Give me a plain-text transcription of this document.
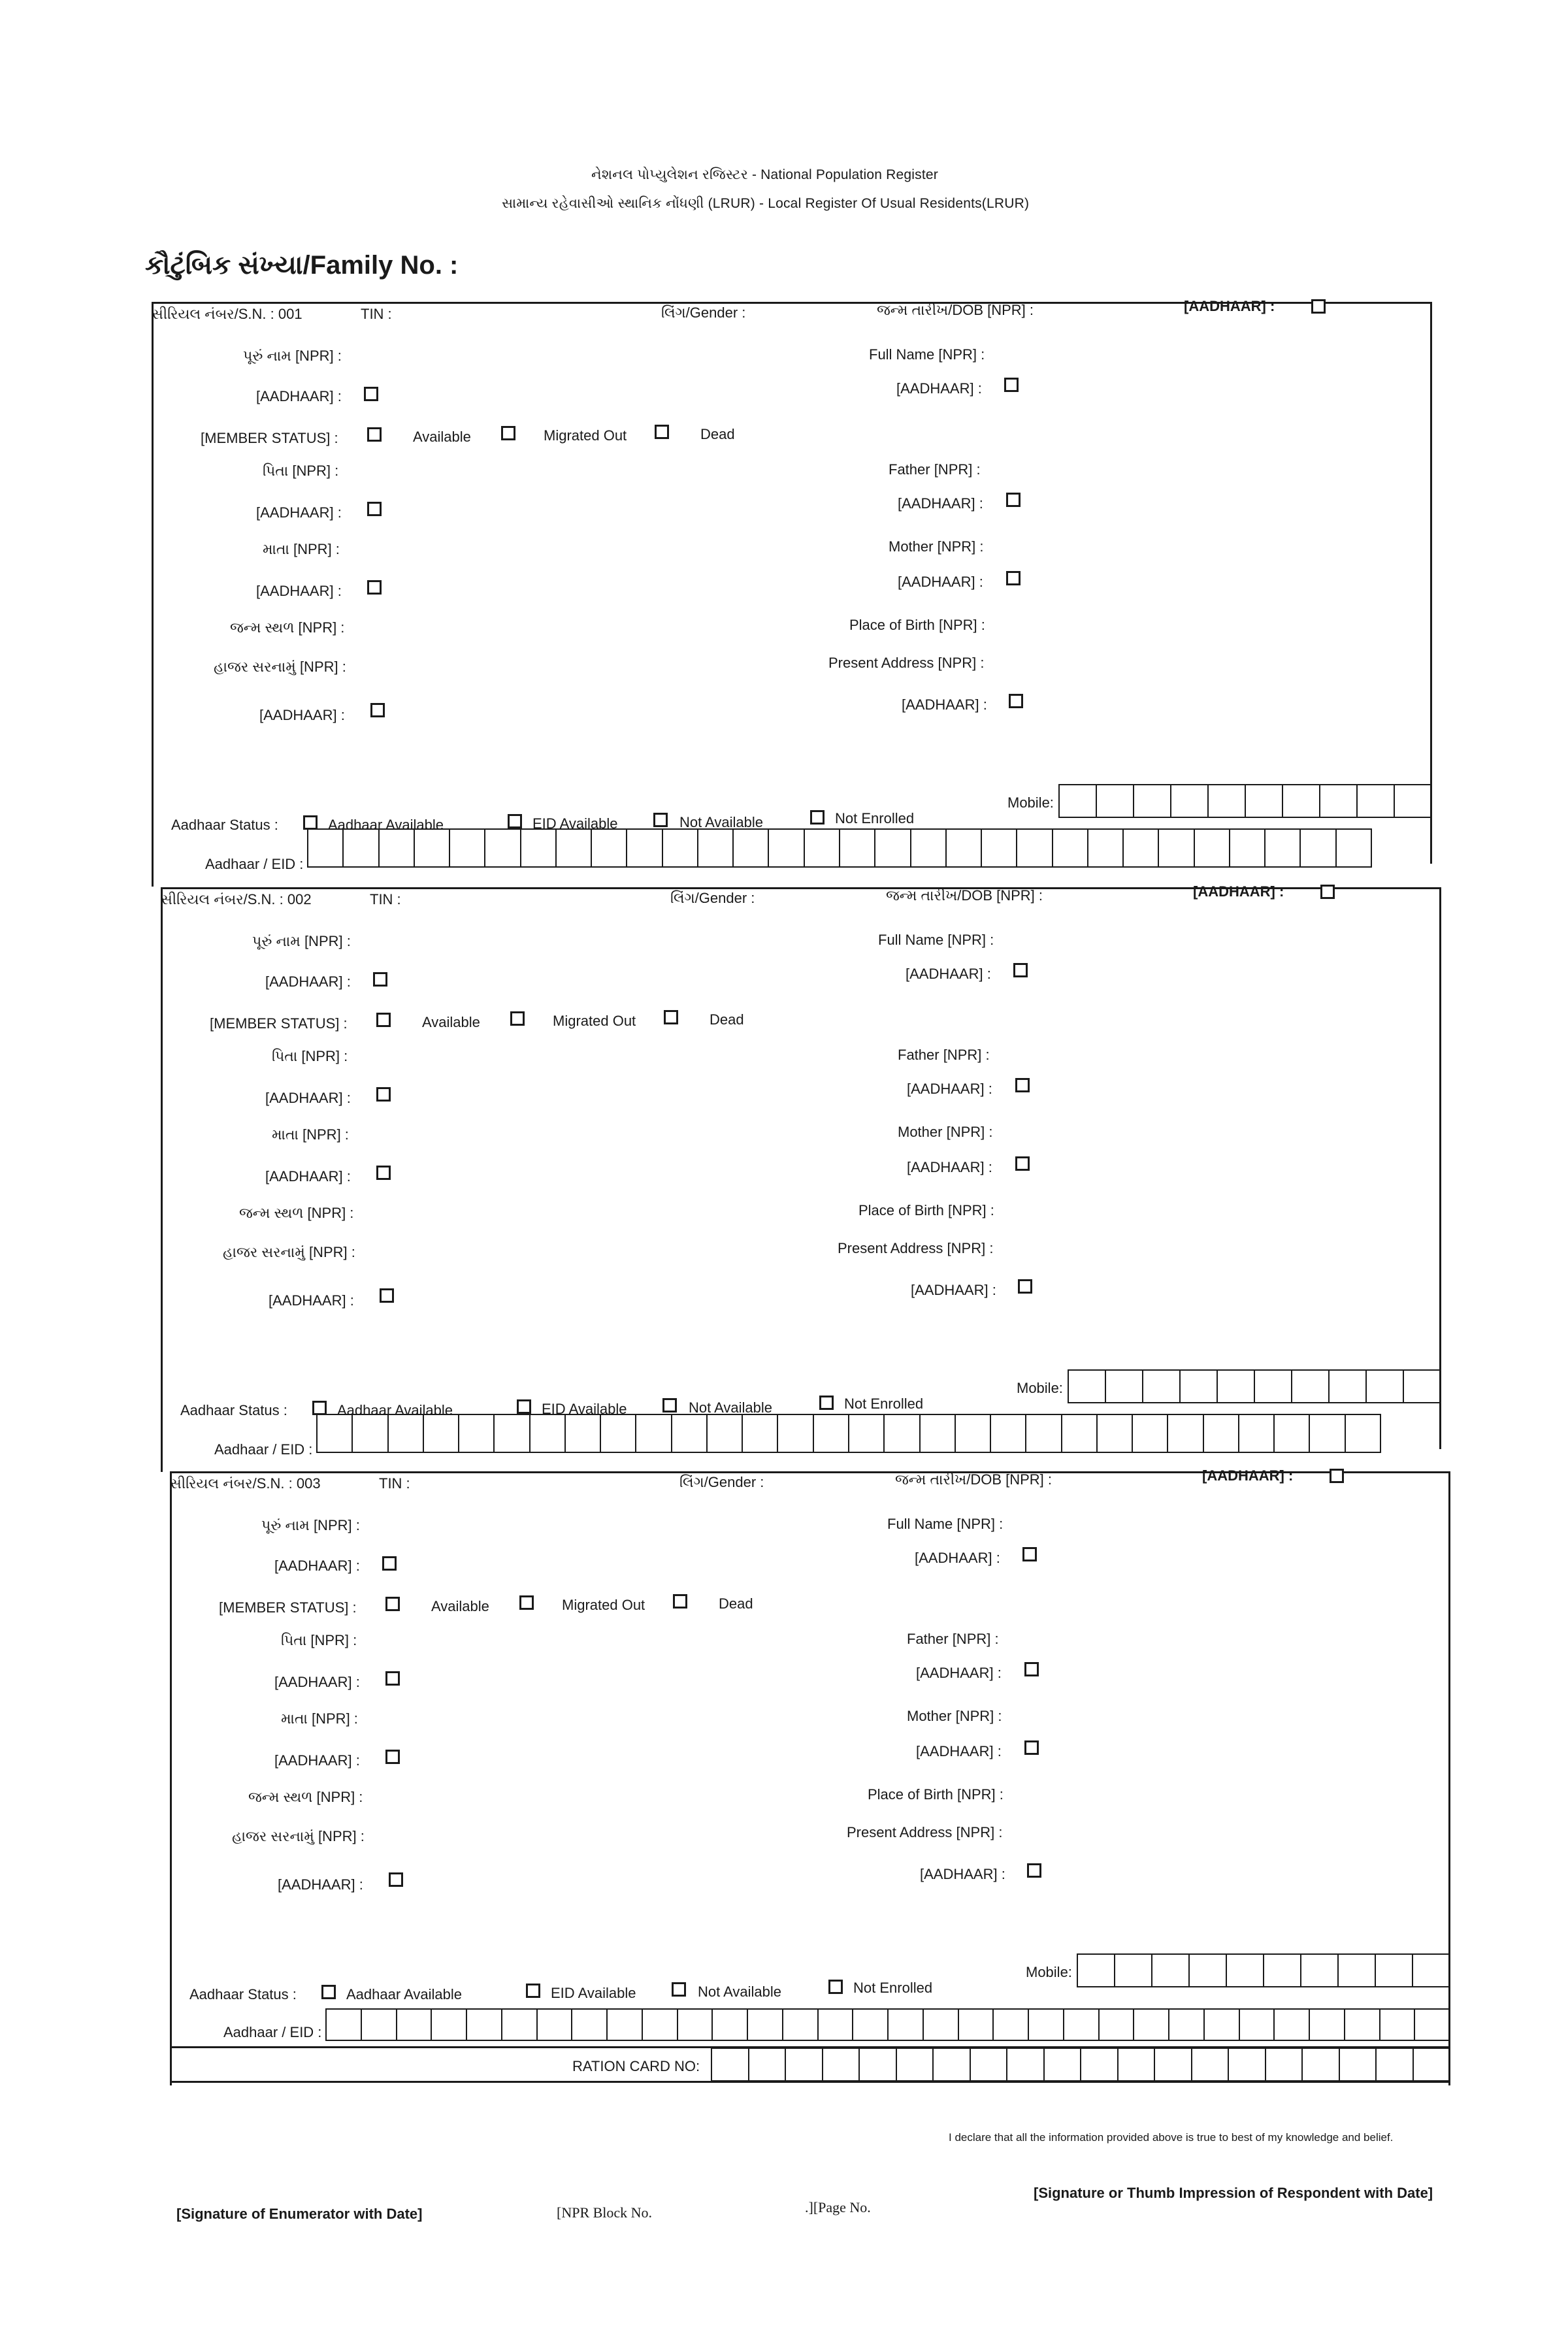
નેશનલ પોપ્યુલેશન રજિસ્ટર - National Population Register
સામાન્ય રહેવાસીઓ સ્થાનિક નોંધણી (LRUR) - Local Register Of Usual Residents(LRUR)
કૌટુંબિક સંખ્યા/Family No. :
સીરિયલ નંબર/S.N. : 001	TIN :	લિંગ/Gender :	જન્મ તારીખ/DOB [NPR] :	[AADHAAR] :
પૂરું નામ [NPR] :	Full Name [NPR] :
[AADHAAR] :	[AADHAAR] :
[MEMBER STATUS] :	Available	Migrated Out	Dead
પિતા [NPR] :	Father [NPR] :
[AADHAAR] :
[AADHAAR] :
માતા [NPR] :	Mother [NPR] :
[AADHAAR] :
[AADHAAR] :
જન્મ સ્થળ [NPR] :	Place of Birth [NPR] :
હાજર સરનામું [NPR] :	Present Address [NPR] :
[AADHAAR] :
[AADHAAR] :
Aadhaar Status :	Aadhaar Available	EID Available	Not Available	Not Enrolled
Mobile:
Aadhaar / EID :
સીરિયલ નંબર/S.N. : 002	TIN :	લિંગ/Gender :	જન્મ તારીખ/DOB [NPR] :	[AADHAAR] :
પૂરું નામ [NPR] :	Full Name [NPR] :
[AADHAAR] :	[AADHAAR] :
[MEMBER STATUS] :	Available	Migrated Out	Dead
પિતા [NPR] :	Father [NPR] :
[AADHAAR] :
[AADHAAR] :
માતા [NPR] :	Mother [NPR] :
[AADHAAR] :
[AADHAAR] :
જન્મ સ્થળ [NPR] :	Place of Birth [NPR] :
હાજર સરનામું [NPR] :	Present Address [NPR] :
[AADHAAR] :
[AADHAAR] :
Aadhaar Status :	Aadhaar Available	EID Available	Not Available	Not Enrolled
Mobile:
Aadhaar / EID :
સીરિયલ નંબર/S.N. : 003	TIN :	લિંગ/Gender :	જન્મ તારીખ/DOB [NPR] :	[AADHAAR] :
પૂરું નામ [NPR] :	Full Name [NPR] :
[AADHAAR] :	[AADHAAR] :
[MEMBER STATUS] :	Available	Migrated Out	Dead
પિતા [NPR] :	Father [NPR] :
[AADHAAR] :
[AADHAAR] :
માતા [NPR] :	Mother [NPR] :
[AADHAAR] :
[AADHAAR] :
જન્મ સ્થળ [NPR] :	Place of Birth [NPR] :
હાજર સરનામું [NPR] :	Present Address [NPR] :
[AADHAAR] :
[AADHAAR] :
Aadhaar Status :	Aadhaar Available	EID Available	Not Available	Not Enrolled
Mobile:
Aadhaar / EID :
RATION CARD NO:
I declare that all the information provided above is true to best of my knowledge and belief.
[Signature of Enumerator with Date]	[NPR Block No.	.][Page No.
[Signature or Thumb Impression of Respondent with Date]
